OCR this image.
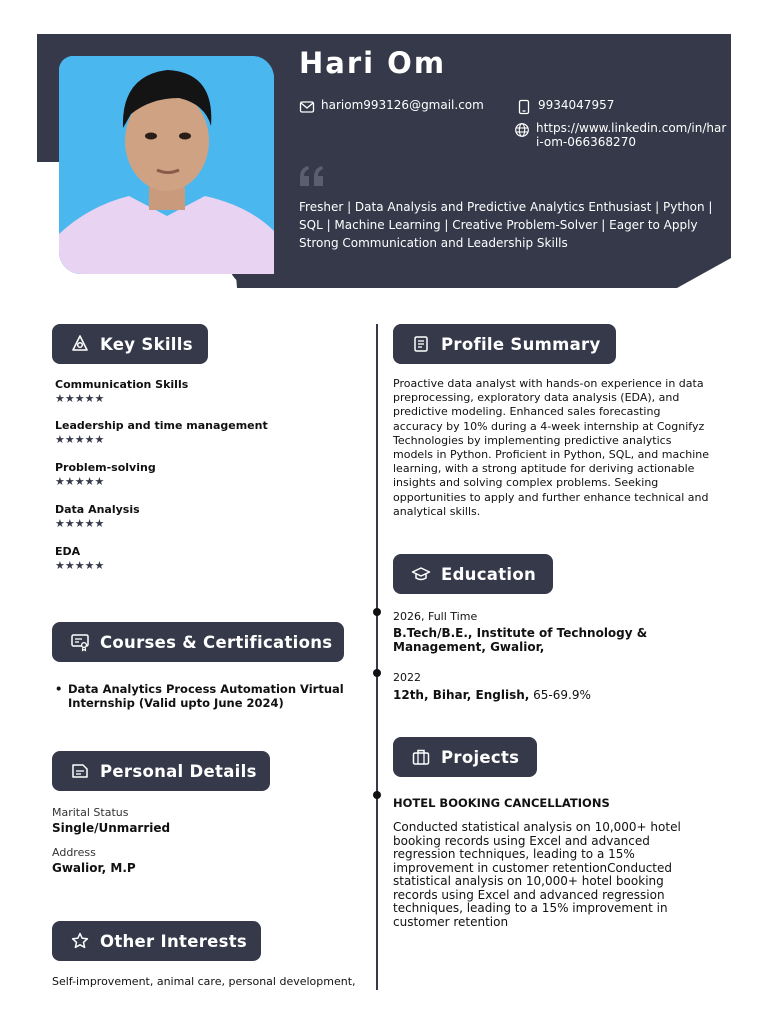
Hari Om
hariom993126@gmail.com	9934047957
https://www.linkedin.com/in/hari-om-066368270
Fresher | Data Analysis and Predictive Analytics Enthusiast | Python | SQL | Machine Learning | Creative Problem-Solver | Eager to Apply Strong Communication and Leadership Skills
Key Skills
Communication Skills
★★★★★
Leadership and time management
★★★★★
Problem-solving
★★★★★
Data Analysis
★★★★★
EDA
★★★★★
Courses & Certifications
• Data Analytics Process Automation Virtual Internship (Valid upto June 2024)
Personal Details
Marital Status
Single/Unmarried
Address
Gwalior, M.P
Other Interests
Self-improvement, animal care, personal development,
Profile Summary
Proactive data analyst with hands-on experience in data preprocessing, exploratory data analysis (EDA), and predictive modeling. Enhanced sales forecasting accuracy by 10% during a 4-week internship at Cognifyz Technologies by implementing predictive analytics models in Python. Proficient in Python, SQL, and machine learning, with a strong aptitude for deriving actionable insights and solving complex problems. Seeking opportunities to apply and further enhance technical and analytical skills.
Education
2026, Full Time
B.Tech/B.E., Institute of Technology & Management, Gwalior,
2022
12th, Bihar, English, 65-69.9%
Projects
HOTEL BOOKING CANCELLATIONS
Conducted statistical analysis on 10,000+ hotel booking records using Excel and advanced regression techniques, leading to a 15% improvement in customer retentionConducted statistical analysis on 10,000+ hotel booking records using Excel and advanced regression techniques, leading to a 15% improvement in customer retention
